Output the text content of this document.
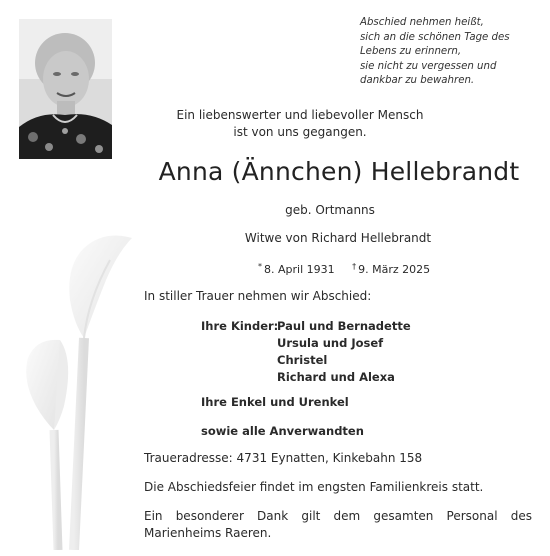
Abschied nehmen heißt,
sich an die schönen Tage des
Lebens zu erinnern,
sie nicht zu vergessen und
dankbar zu bewahren.
Ein liebenswerter und liebevoller Mensch
ist von uns gegangen.
Anna (Ännchen) Hellebrandt
geb. Ortmanns
Witwe von Richard Hellebrandt
* 8. April 1931 † 9. März 2025
In stiller Trauer nehmen wir Abschied:
Ihre Kinder:Paul und Bernadette
Ursula und Josef
Christel
Richard und Alexa
Ihre Enkel und Urenkel
sowie alle Anverwandten
Traueradresse: 4731 Eynatten, Kinkebahn 158
Die Abschiedsfeier findet im engsten Familienkreis statt.
Ein besonderer Dank gilt dem gesamten Personal des Marienheims Raeren.
